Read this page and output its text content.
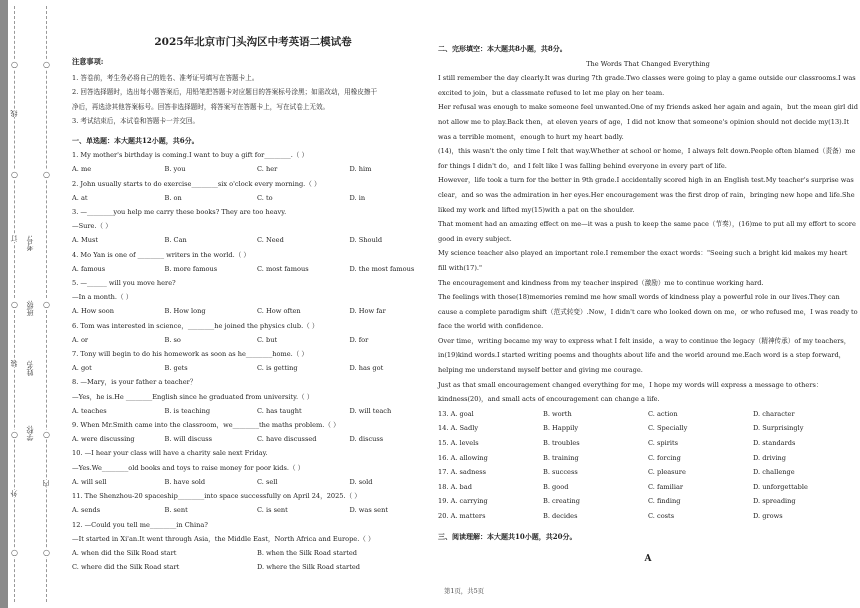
○
○
○
○
○
○
○
○
○
○
线
装
订
内
外
考号:
班级:
姓名:
学校:
2025年北京市门头沟区中考英语二模试卷
注意事项:
1. 答卷前，考生务必将自己的姓名、准考证号填写在答题卡上。
2. 回答选择题时，选出每小题答案后，用铅笔把答题卡对应题目的答案标号涂黑；如需改动，用橡皮擦干
净后，再选涂其他答案标号。回答非选择题时，将答案写在答题卡上，写在试卷上无效。
3. 考试结束后，本试卷和答题卡一并交回。
一、单选题：本大题共12小题，共6分。
1. My mother's birthday is coming.I want to buy a gift for________.（ ）
A. me	B. you	C. her	D. him
2. John usually starts to do exercise________six o'clock every morning.（ ）
A. at	B. on	C. to	D. in
3. —________you help me carry these books? They are too heavy.
—Sure.（ ）
A. Must	B. Can	C. Need	D. Should
4. Mo Yan is one of ________ writers in the world.（ ）
A. famous	B. more famous	C. most famous	D. the most famous
5. —______ will you move here?
—In a month.（ ）
A. How soon	B. How long	C. How often	D. How far
6. Tom was interested in science，________he joined the physics club.（ ）
A. or	B. so	C. but	D. for
7. Tony will begin to do his homework as soon as he________home.（ ）
A. got	B. gets	C. is getting	D. has got
8. —Mary，is your father a teacher？
—Yes，he is.He ________English since he graduated from university.（ ）
A. teaches	B. is teaching	C. has taught	D. will teach
9. When Mr.Smith came into the classroom，we________the maths problem.（ ）
A. were discussing	B. will discuss	C. have discussed	D. discuss
10. —I hear your class will have a charity sale next Friday.
—Yes.We________old books and toys to raise money for poor kids.（ ）
A. will sell	B. have sold	C. sell	D. sold
11. The Shenzhou-20 spaceship________into space successfully on April 24，2025.（ ）
A. sends	B. sent	C. is sent	D. was sent
12. —Could you tell me________in China?
—It started in Xi'an.It went through Asia，the Middle East，North Africa and Europe.（ ）
A. when did the Silk Road start	B. when the Silk Road started
C. where did the Silk Road start	D. where the Silk Road started
二、完形填空：本大题共8小题，共8分。
The Words That Changed Everything
I still remember the day clearly.It was during 7th grade.Two classes were going to play a game outside our classrooms.I was excited to join，but a classmate refused to let me play on her team.
Her refusal was enough to make someone feel unwanted.One of my friends asked her again and again，but the mean girl did not allow me to play.Back then，at eleven years of age，I did not know that someone's opinion should not decide my(13).It was a terrible moment，enough to hurt my heart badly.
(14)，this wasn't the only time I felt that way.Whether at school or home，I always felt down.People often blamed（责备）me for things I didn't do，and I felt like I was falling behind everyone in every part of life.
However，life took a turn for the better in 9th grade.I accidentally scored high in an English test.My teacher's surprise was clear，and so was the admiration in her eyes.Her encouragement was the first drop of rain，bringing new hope and life.She liked my work and lifted my(15)with a pat on the shoulder.
That moment had an amazing effect on me—it was a push to keep the same pace（节奏），(16)me to put all my effort to score good in every subject.
My science teacher also played an important role.I remember the exact words："Seeing such a bright kid makes my heart fill with(17)."
The encouragement and kindness from my teacher inspired（激励）me to continue working hard.
The feelings with those(18)memories remind me how small words of kindness play a powerful role in our lives.They can cause a complete paradigm shift（范式转变）.Now，I didn't care who looked down on me，or who refused me，I was ready to face the world with confidence.
Over time，writing became my way to express what I felt inside，a way to continue the legacy（精神传承）of my teachers，in(19)kind words.I started writing poems and thoughts about life and the world around me.Each word is a step forward，helping me understand myself better and giving me courage.
Just as that small encouragement changed everything for me，I hope my words will express a message to others：kindness(20)，and small acts of encouragement can change a life.
13. A. goal	B. worth	C. action	D. character
14. A. Sadly	B. Happily	C. Specially	D. Surprisingly
15. A. levels	B. troubles	C. spirits	D. standards
16. A. allowing	B. training	C. forcing	D. driving
17. A. sadness	B. success	C. pleasure	D. challenge
18. A. bad	B. good	C. familiar	D. unforgettable
19. A. carrying	B. creating	C. finding	D. spreading
20. A. matters	B. decides	C. costs	D. grows
三、阅读理解：本大题共10小题，共20分。
A
第1页，共5页
